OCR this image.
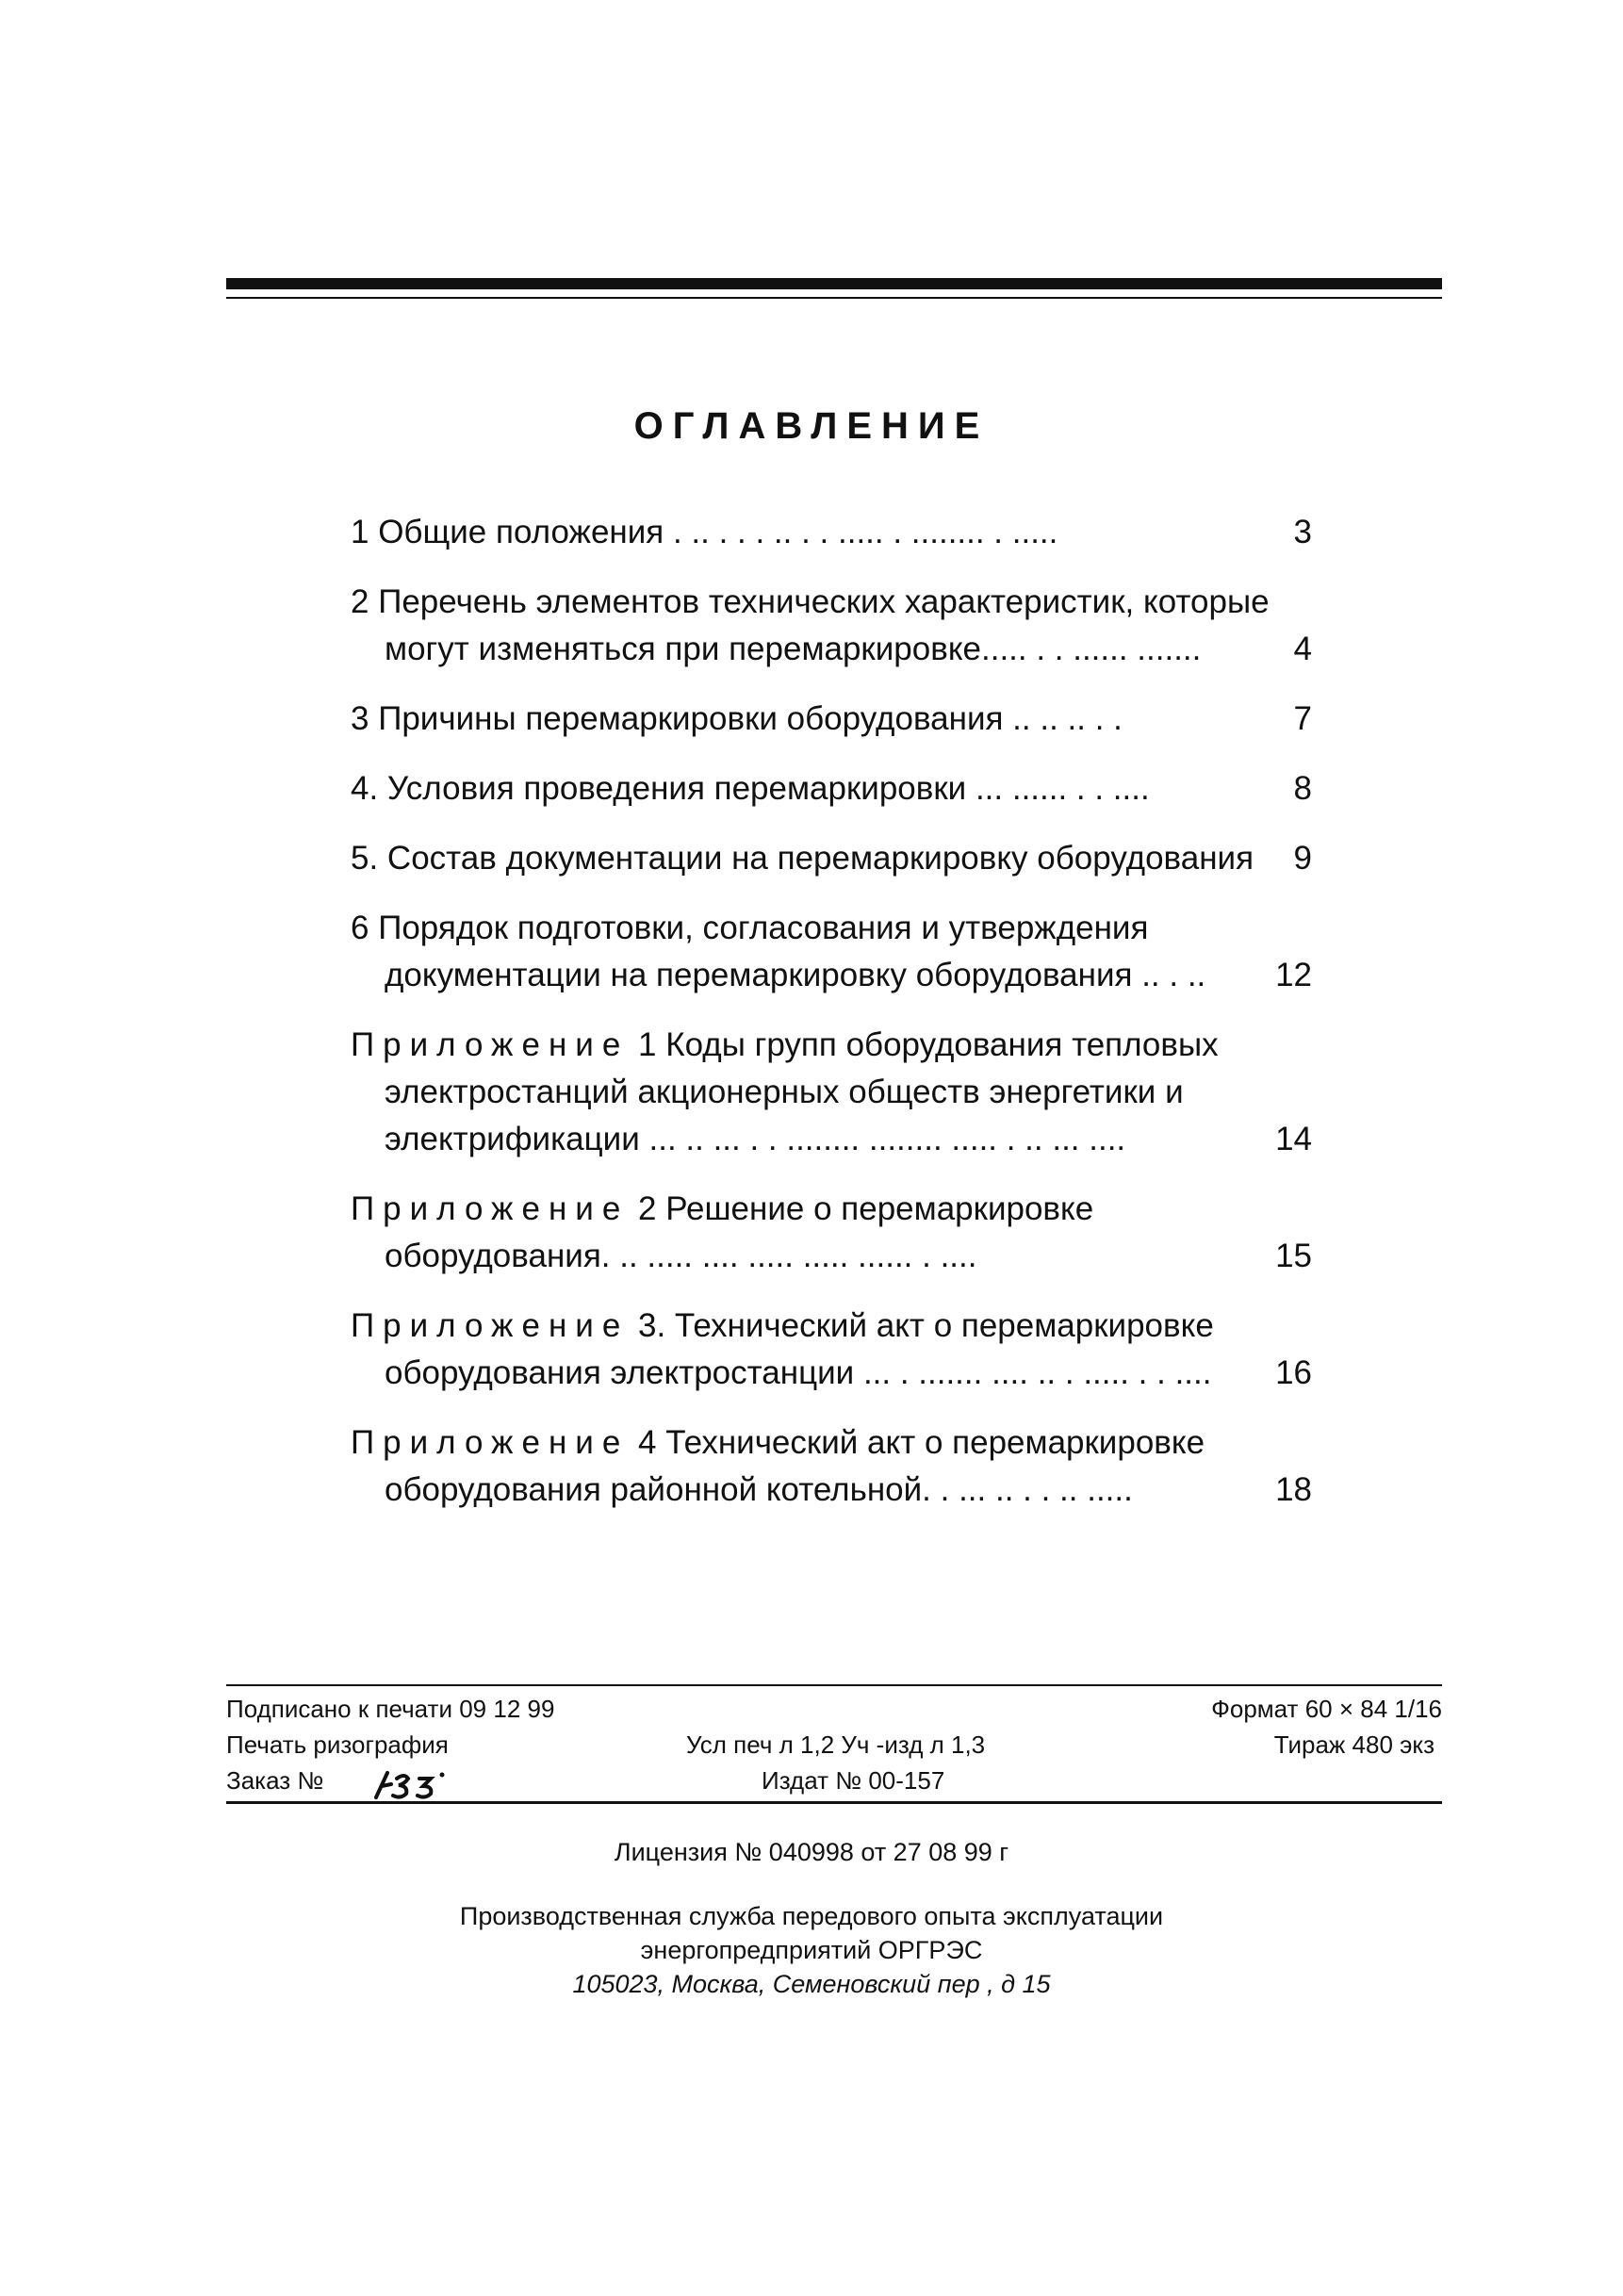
ОГЛАВЛЕНИЕ
1 Общие положения . .. . . . .. . . ..... . ........ . .....	3
2 Перечень элементов технических характеристик, которые
могут изменяться при перемаркировке..... . . ...... .......	4
3 Причины перемаркировки оборудования .. .. .. . .	7
4. Условия проведения перемаркировки ... ...... . . ....	8
5. Состав документации на перемаркировку оборудования	9
6 Порядок подготовки, согласования и утверждения
документации на перемаркировку оборудования .. . ..	12
Приложение 1 Коды групп оборудования тепловых
электростанций акционерных обществ энергетики и
электрификации ... .. ... . . ........ ........ ..... . .. ... ....	14
Приложение 2 Решение о перемаркировке
оборудования. .. ..... .... ..... ..... ...... . ....	15
Приложение 3. Технический акт о перемаркировке
оборудования электростанции ... . ....... .... .. . ..... . . ....	16
Приложение 4 Технический акт о перемаркировке
оборудования районной котельной. . ... .. . . .. .....	18
Подписано к печати 09 12 99	Формат 60 × 84 1/16
Печать ризография	Усл печ л 1,2 Уч -изд л 1,3	Тираж 480 экз
Заказ №	Издат № 00-157
Лицензия № 040998 от 27 08 99 г
Производственная служба передового опыта эксплуатации
энергопредприятий ОРГРЭС
105023, Москва, Семеновский пер , д 15
